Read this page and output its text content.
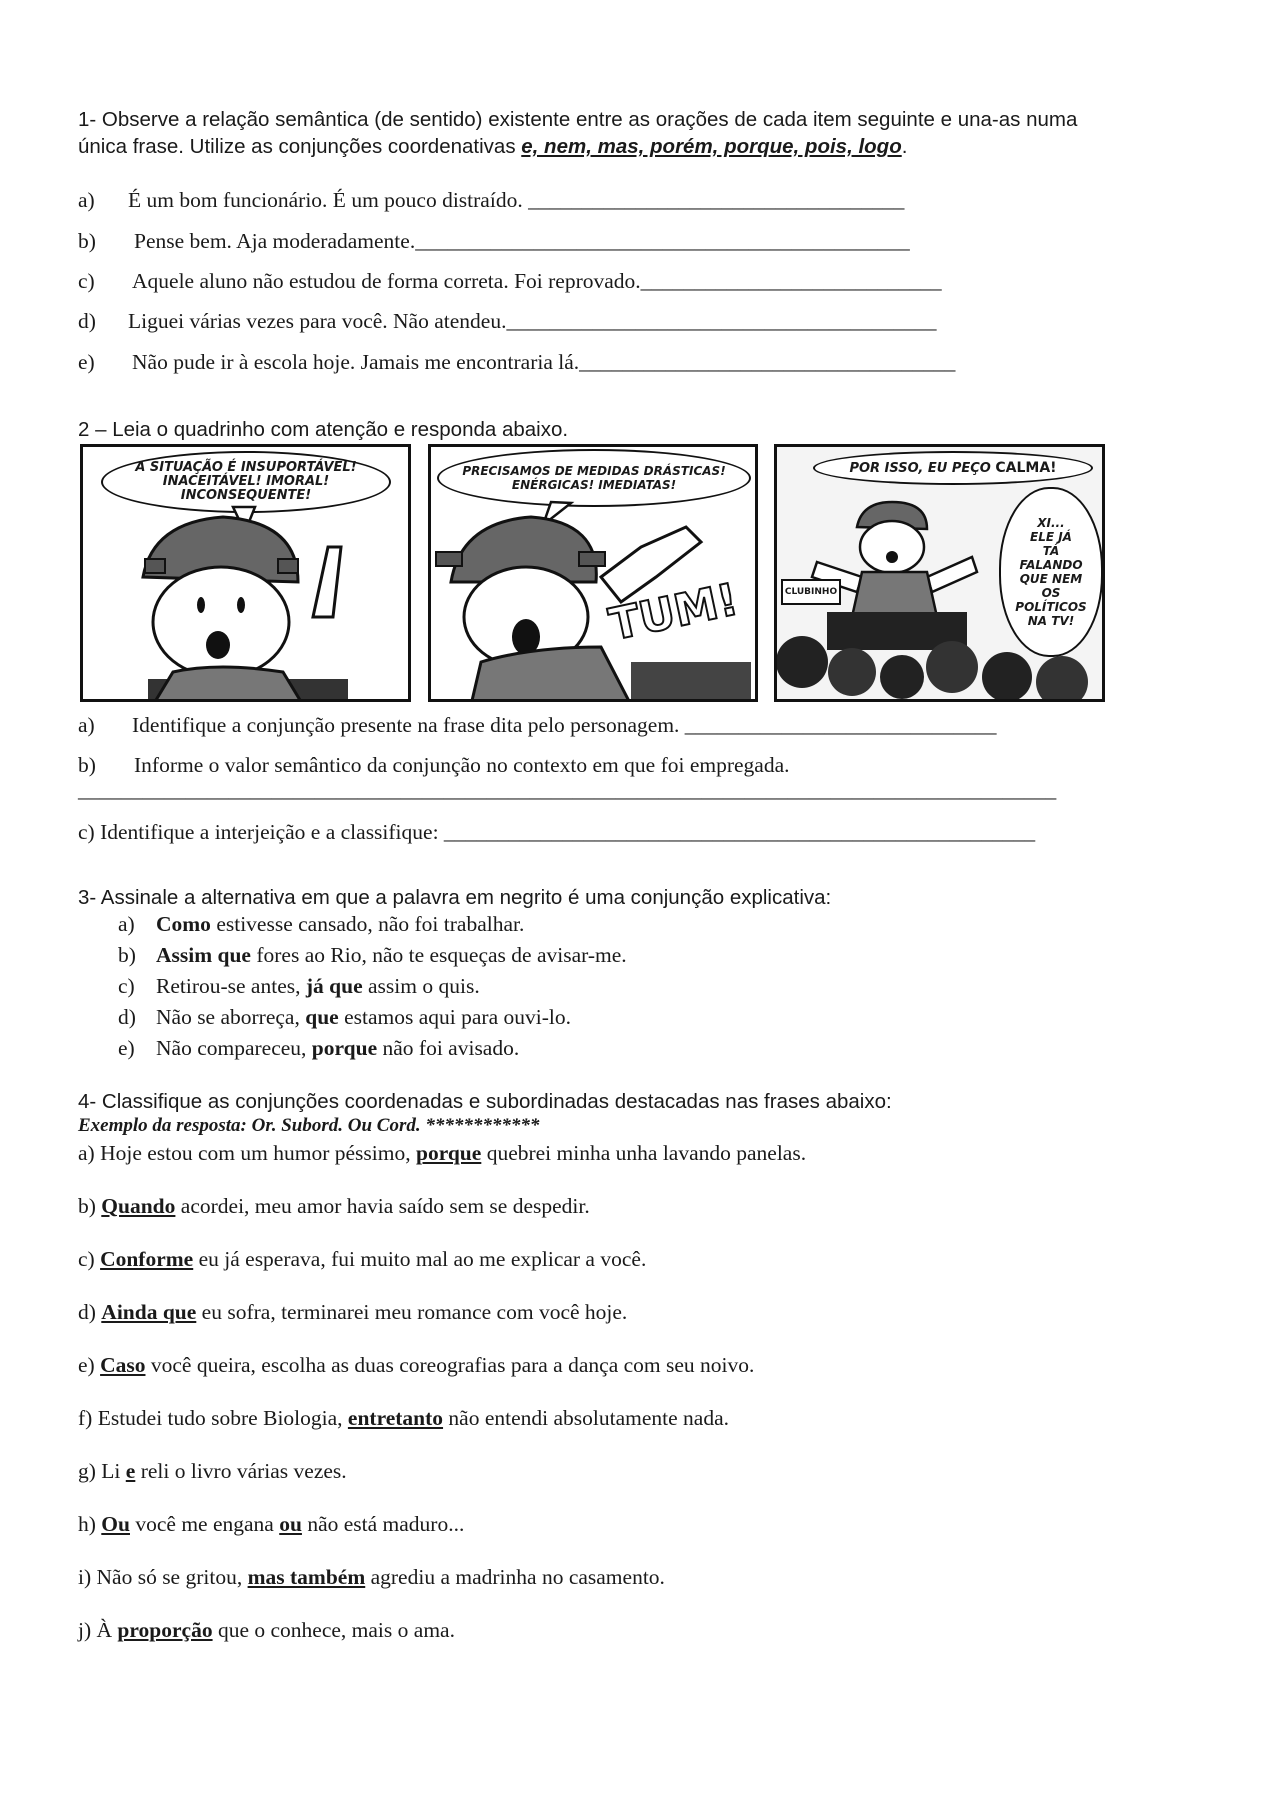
1- Observe a relação semântica (de sentido) existente entre as orações de cada item seguinte e una-as numa
única frase. Utilize as conjunções coordenativas e, nem, mas, porém, porque, pois, logo.
a) É um bom funcionário. É um pouco distraído. ___________________________________
b) Pense bem. Aja moderadamente.______________________________________________
c) Aquele aluno não estudou de forma correta. Foi reprovado.____________________________
d) Liguei várias vezes para você. Não atendeu.________________________________________
e) Não pude ir à escola hoje. Jamais me encontraria lá.___________________________________
2 – Leia o quadrinho com atenção e responda abaixo.
A SITUAÇÃO É INSUPORTÁVEL!
INACEITÁVEL! IMORAL!
INCONSEQUENTE!
PRECISAMOS DE MEDIDAS DRÁSTICAS!
ENÉRGICAS! IMEDIATAS!
TUM!
POR ISSO, EU PEÇO CALMA!
XI...
ELE JÁ
TÁ
FALANDO
QUE NEM
OS
POLÍTICOS
NA TV!
CLUBINHO
a) Identifique a conjunção presente na frase dita pelo personagem. _____________________________
b) Informe o valor semântico da conjunção no contexto em que foi empregada.
___________________________________________________________________________________________
c) Identifique a interjeição e a classifique: _______________________________________________________
3- Assinale a alternativa em que a palavra em negrito é uma conjunção explicativa:
a) Como estivesse cansado, não foi trabalhar.
b) Assim que fores ao Rio, não te esqueças de avisar-me.
c) Retirou-se antes, já que assim o quis.
d) Não se aborreça, que estamos aqui para ouvi-lo.
e) Não compareceu, porque não foi avisado.
4- Classifique as conjunções coordenadas e subordinadas destacadas nas frases abaixo:
Exemplo da resposta: Or. Subord. Ou Cord. ************
a) Hoje estou com um humor péssimo, porque quebrei minha unha lavando panelas.
b) Quando acordei, meu amor havia saído sem se despedir.
c) Conforme eu já esperava, fui muito mal ao me explicar a você.
d) Ainda que eu sofra, terminarei meu romance com você hoje.
e) Caso você queira, escolha as duas coreografias para a dança com seu noivo.
f) Estudei tudo sobre Biologia, entretanto não entendi absolutamente nada.
g) Li e reli o livro várias vezes.
h) Ou você me engana ou não está maduro...
i) Não só se gritou, mas também agrediu a madrinha no casamento.
j) À proporção que o conhece, mais o ama.
